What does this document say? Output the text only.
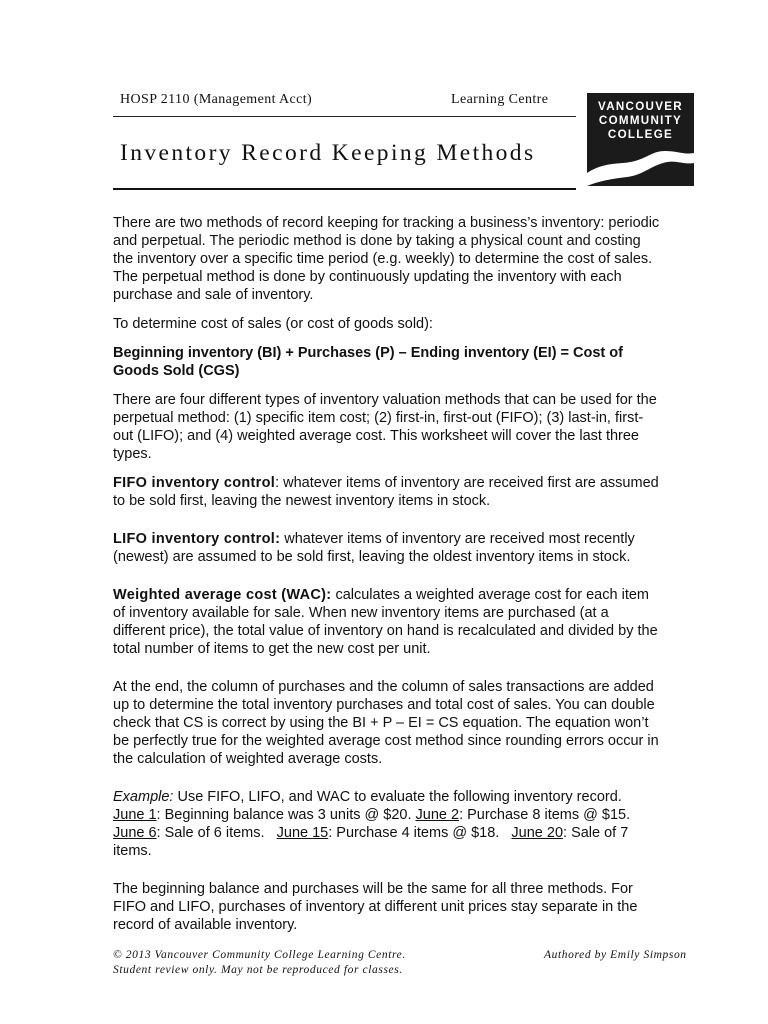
HOSP 2110 (Management Acct)	Learning Centre
Inventory Record Keeping Methods
VANCOUVER
COMMUNITY
COLLEGE

There are two methods of record keeping for tracking a business’s inventory: periodic and perpetual. The periodic method is done by taking a physical count and costing the inventory over a specific time period (e.g. weekly) to determine the cost of sales. The perpetual method is done by continuously updating the inventory with each purchase and sale of inventory.

To determine cost of sales (or cost of goods sold):

Beginning inventory (BI) + Purchases (P) – Ending inventory (EI) = Cost of Goods Sold (CGS)

There are four different types of inventory valuation methods that can be used for the perpetual method: (1) specific item cost; (2) first-in, first-out (FIFO); (3) last-in, first-out (LIFO); and (4) weighted average cost. This worksheet will cover the last three types.

FIFO inventory control: whatever items of inventory are received first are assumed to be sold first, leaving the newest inventory items in stock.

LIFO inventory control: whatever items of inventory are received most recently (newest) are assumed to be sold first, leaving the oldest inventory items in stock.

Weighted average cost (WAC): calculates a weighted average cost for each item of inventory available for sale. When new inventory items are purchased (at a different price), the total value of inventory on hand is recalculated and divided by the total number of items to get the new cost per unit.

At the end, the column of purchases and the column of sales transactions are added up to determine the total inventory purchases and total cost of sales. You can double check that CS is correct by using the BI + P – EI = CS equation. The equation won’t be perfectly true for the weighted average cost method since rounding errors occur in the calculation of weighted average costs.

Example: Use FIFO, LIFO, and WAC to evaluate the following inventory record.
June 1: Beginning balance was 3 units @ $20. June 2: Purchase 8 items @ $15.
June 6: Sale of 6 items.   June 15: Purchase 4 items @ $18.   June 20: Sale of 7 items.

The beginning balance and purchases will be the same for all three methods. For FIFO and LIFO, purchases of inventory at different unit prices stay separate in the record of available inventory.

© 2013 Vancouver Community College Learning Centre.
Student review only. May not be reproduced for classes.
Authored by Emily Simpson
